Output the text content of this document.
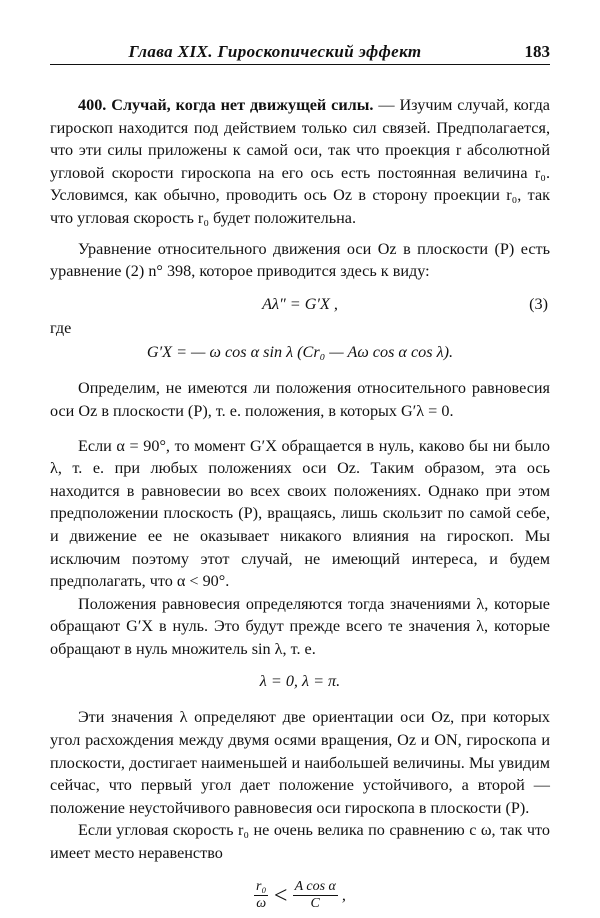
Глава XIX. Гироскопический эффект	183

400. Случай, когда нет движущей силы. — Изучим случай, когда гироскоп находится под действием только сил связей. Предполагается, что эти силы приложены к самой оси, так что проекция r абсолютной угловой скорости гироскопа на его ось есть постоянная величина r₀. Условимся, как обычно, проводить ось Oz в сторону проекции r₀, так что угловая скорость r₀ будет положительна.

Уравнение относительного движения оси Oz в плоскости (P) есть уравнение (2) n° 398, которое приводится здесь к виду:

Aλ″ = G′X ,	(3)

где

G′X = — ω cos α sin λ (Cr₀ — Aω cos α cos λ).

Определим, не имеются ли положения относительного равновесия оси Oz в плоскости (P), т. е. положения, в которых G′λ = 0.

Если α = 90°, то момент G′X обращается в нуль, каково бы ни было λ, т. е. при любых положениях оси Oz. Таким образом, эта ось находится в равновесии во всех своих положениях. Однако при этом предположении плоскость (P), вращаясь, лишь скользит по самой себе, и движение ее не оказывает никакого влияния на гироскоп. Мы исключим поэтому этот случай, не имеющий интереса, и будем предполагать, что α < 90°.

Положения равновесия определяются тогда значениями λ, которые обращают G′X в нуль. Это будут прежде всего те значения λ, которые обращают в нуль множитель sin λ, т. е.

λ = 0, λ = π.

Эти значения λ определяют две ориентации оси Oz, при которых угол расхождения между двумя осями вращения, Oz и ON, гироскопа и плоскости, достигает наименьшей и наибольшей величины. Мы увидим сейчас, что первый угол дает положение устойчивого, а второй — положение неустойчивого равновесия оси гироскопа в плоскости (P).

Если угловая скорость r₀ не очень велика по сравнению с ω, так что имеет место неравенство

$\frac{\text{r₀}}{\omega} < \frac{\text{A cos α}}{C}$ ,
